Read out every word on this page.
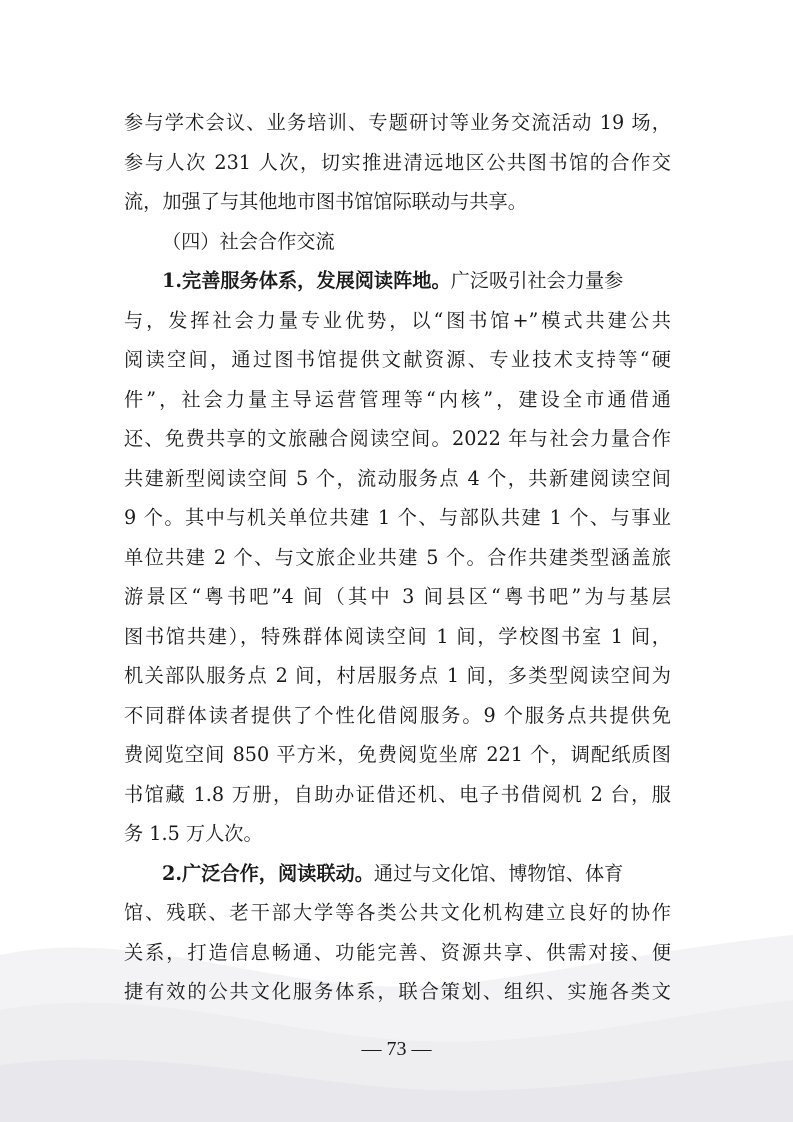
参与学术会议、业务培训、专题研讨等业务交流活动 19 场，
参与人次 231 人次，切实推进清远地区公共图书馆的合作交
流，加强了与其他地市图书馆馆际联动与共享。
（四）社会合作交流
1.完善服务体系，发展阅读阵地。广泛吸引社会力量参
与，发挥社会力量专业优势，以“图书馆+”模式共建公共
阅读空间，通过图书馆提供文献资源、专业技术支持等“硬
件”，社会力量主导运营管理等“内核”，建设全市通借通
还、免费共享的文旅融合阅读空间。2022 年与社会力量合作
共建新型阅读空间 5 个，流动服务点 4 个，共新建阅读空间
9 个。其中与机关单位共建 1 个、与部队共建 1 个、与事业
单位共建 2 个、与文旅企业共建 5 个。合作共建类型涵盖旅
游景区“粤书吧”4 间（其中 3 间县区“粤书吧”为与基层
图书馆共建），特殊群体阅读空间 1 间，学校图书室 1 间，
机关部队服务点 2 间，村居服务点 1 间，多类型阅读空间为
不同群体读者提供了个性化借阅服务。9 个服务点共提供免
费阅览空间 850 平方米，免费阅览坐席 221 个，调配纸质图
书馆藏 1.8 万册，自助办证借还机、电子书借阅机 2 台，服
务 1.5 万人次。
2.广泛合作，阅读联动。通过与文化馆、博物馆、体育
馆、残联、老干部大学等各类公共文化机构建立良好的协作
关系，打造信息畅通、功能完善、资源共享、供需对接、便
捷有效的公共文化服务体系，联合策划、组织、实施各类文
— 73 —
